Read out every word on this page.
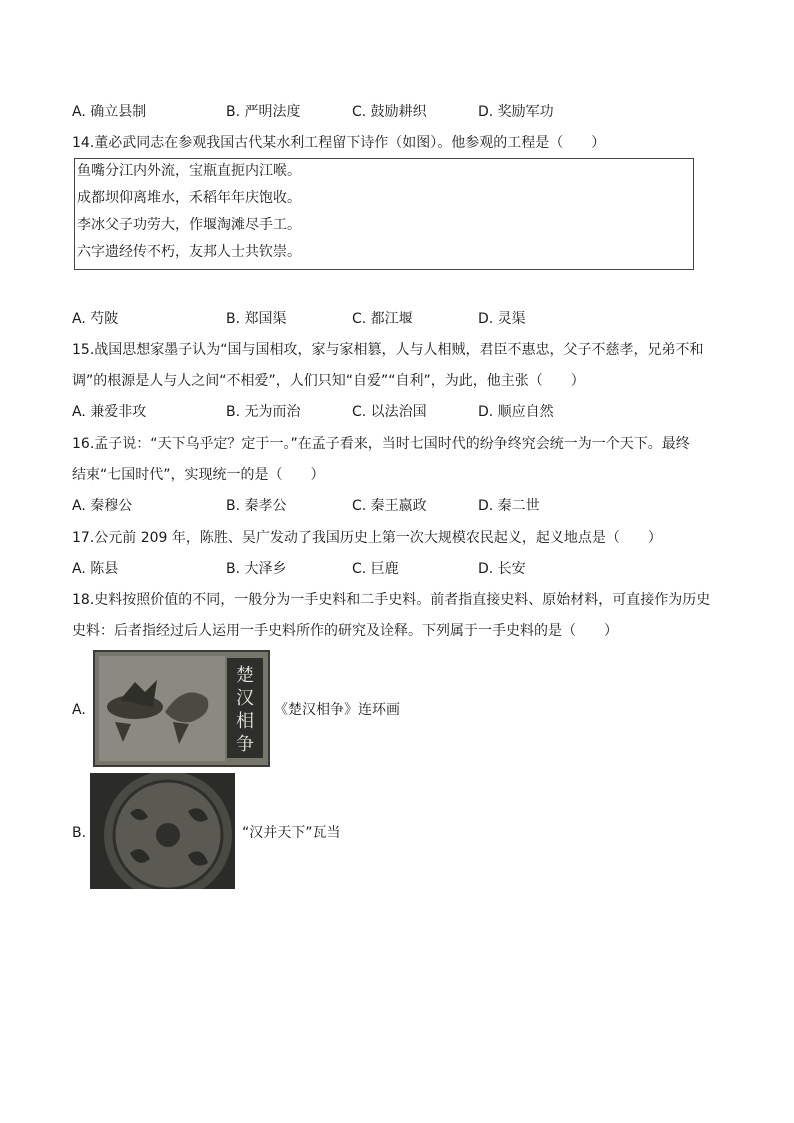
A. 确立县制	B. 严明法度	C. 鼓励耕织	D. 奖励军功
14.董必武同志在参观我国古代某水利工程留下诗作（如图）。他参观的工程是（　　）
鱼嘴分江内外流，宝瓶直扼内江喉。
成都坝仰离堆水，禾稻年年庆饱收。
李冰父子功劳大，作堰淘滩尽手工。
六字遗经传不朽，友邦人士共钦崇。
A. 芍陂	B. 郑国渠	C. 都江堰	D. 灵渠
15.战国思想家墨子认为“国与国相攻，家与家相篡，人与人相贼，君臣不惠忠，父子不慈孝，兄弟不和
调”的根源是人与人之间“不相爱”，人们只知“自爱”“自利”，为此，他主张（　　）
A. 兼爱非攻	B. 无为而治	C. 以法治国	D. 顺应自然
16.孟子说：“天下乌乎定？定于一。”在孟子看来，当时七国时代的纷争终究会统一为一个天下。最终
结束“七国时代”，实现统一的是（　　）
A. 秦穆公	B. 秦孝公	C. 秦王嬴政	D. 秦二世
17.公元前 209 年，陈胜、吴广发动了我国历史上第一次大规模农民起义，起义地点是（　　）
A. 陈县	B. 大泽乡	C. 巨鹿	D. 长安
18.史料按照价值的不同，一般分为一手史料和二手史料。前者指直接史料、原始材料，可直接作为历史
史料：后者指经过后人运用一手史料所作的研究及诠释。下列属于一手史料的是（　　）
A.
楚
汉
相
争
《楚汉相争》连环画
B.	“汉并天下”瓦当
